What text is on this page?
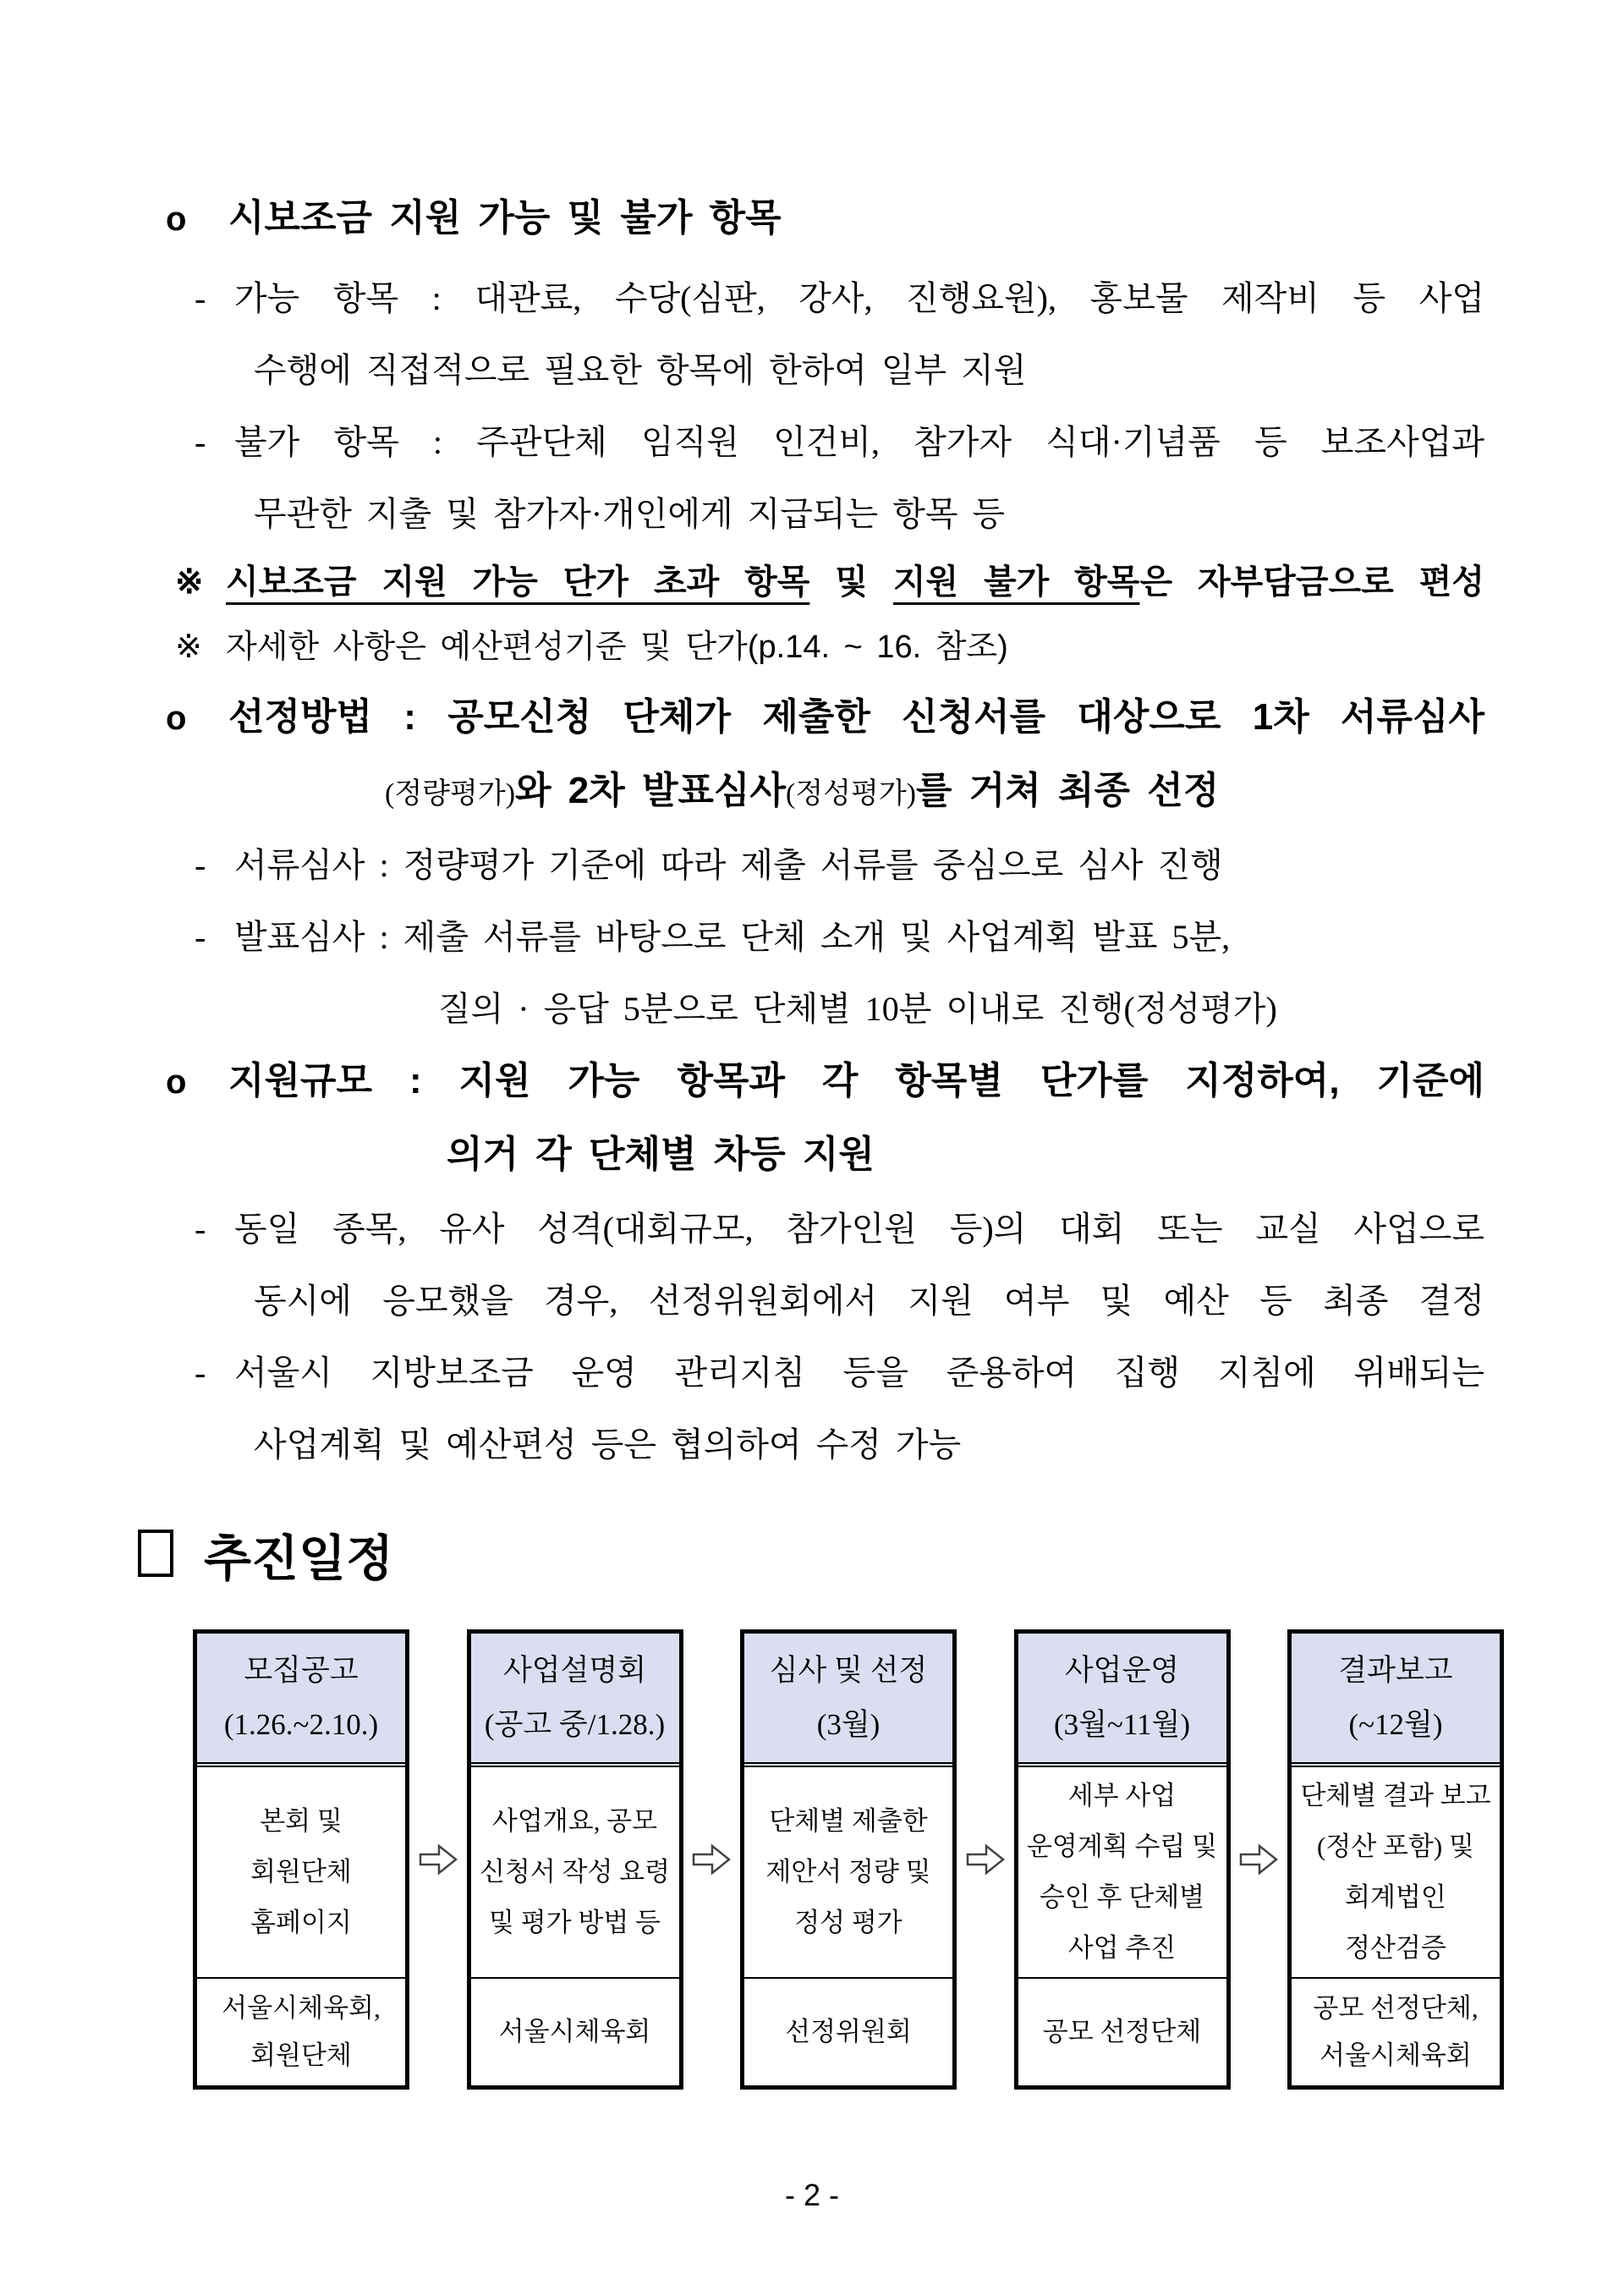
o 시보조금 지원 가능 및 불가 항목
- 가능 항목 : 대관료, 수당(심판, 강사, 진행요원), 홍보물 제작비 등 사업
수행에 직접적으로 필요한 항목에 한하여 일부 지원
- 불가 항목 : 주관단체 임직원 인건비, 참가자 식대·기념품 등 보조사업과
무관한 지출 및 참가자·개인에게 지급되는 항목 등
※ 시보조금 지원 가능 단가 초과 항목 및 지원 불가 항목은 자부담금으로 편성
※ 자세한 사항은 예산편성기준 및 단가(p.14. ~ 16. 참조)
o 선정방법 : 공모신청 단체가 제출한 신청서를 대상으로 1차 서류심사
(정량평가)와 2차 발표심사(정성평가)를 거쳐 최종 선정
- 서류심사 : 정량평가 기준에 따라 제출 서류를 중심으로 심사 진행
- 발표심사 : 제출 서류를 바탕으로 단체 소개 및 사업계획 발표 5분,
질의 · 응답 5분으로 단체별 10분 이내로 진행(정성평가)
o 지원규모 : 지원 가능 항목과 각 항목별 단가를 지정하여, 기준에
의거 각 단체별 차등 지원
- 동일 종목, 유사 성격(대회규모, 참가인원 등)의 대회 또는 교실 사업으로
동시에 응모했을 경우, 선정위원회에서 지원 여부 및 예산 등 최종 결정
- 서울시 지방보조금 운영 관리지침 등을 준용하여 집행 지침에 위배되는
사업계획 및 예산편성 등은 협의하여 수정 가능
추진일정
모집공고
(1.26.~2.10.)
본회 및
회원단체
홈페이지
서울시체육회,
회원단체
사업설명회
(공고 중/1.28.)
사업개요, 공모
신청서 작성 요령
및 평가 방법 등
서울시체육회
심사 및 선정
(3월)
단체별 제출한
제안서 정량 및
정성 평가
선정위원회
사업운영
(3월~11월)
세부 사업
운영계획 수립 및
승인 후 단체별
사업 추진
공모 선정단체
결과보고
(~12월)
단체별 결과 보고
(정산 포함) 및
회계법인
정산검증
공모 선정단체,
서울시체육회
- 2 -
